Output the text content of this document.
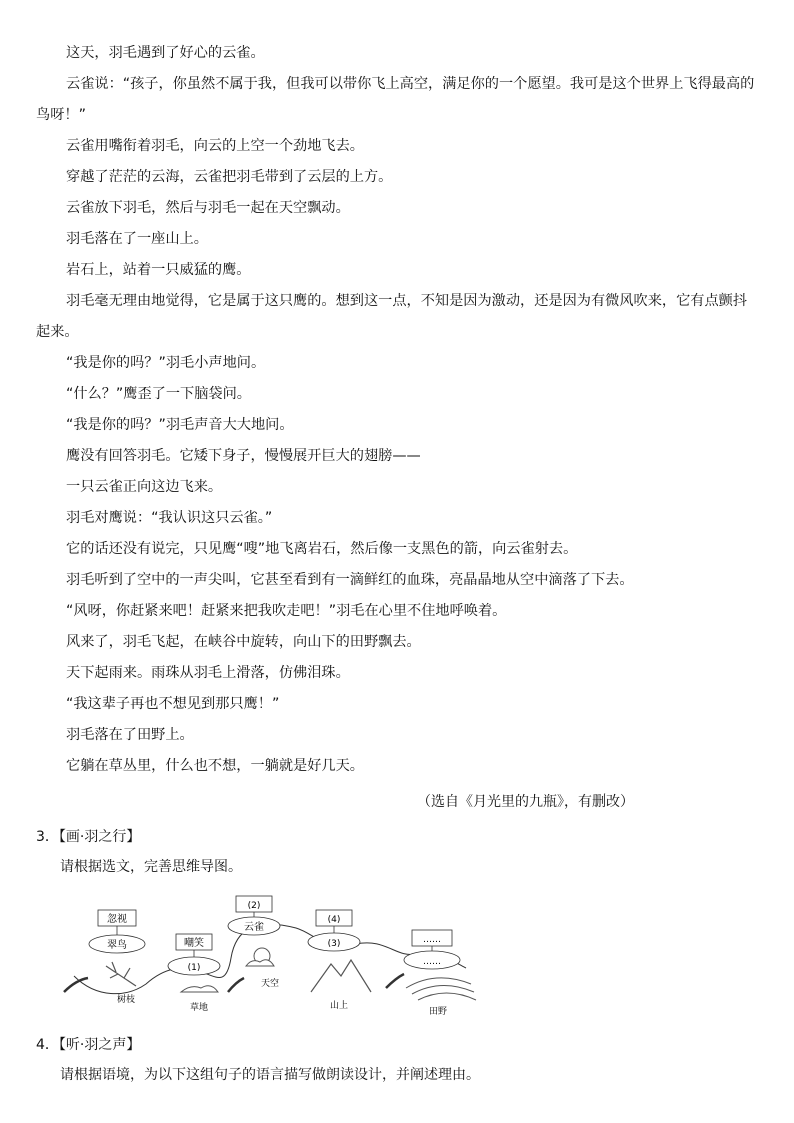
这天，羽毛遇到了好心的云雀。
云雀说：“孩子，你虽然不属于我，但我可以带你飞上高空，满足你的一个愿望。我可是这个世界上飞得最高的鸟呀！”
云雀用嘴衔着羽毛，向云的上空一个劲地飞去。
穿越了茫茫的云海，云雀把羽毛带到了云层的上方。
云雀放下羽毛，然后与羽毛一起在天空飘动。
羽毛落在了一座山上。
岩石上，站着一只威猛的鹰。
羽毛毫无理由地觉得，它是属于这只鹰的。想到这一点，不知是因为激动，还是因为有微风吹来，它有点颤抖起来。
“我是你的吗？”羽毛小声地问。
“什么？”鹰歪了一下脑袋问。
“我是你的吗？”羽毛声音大大地问。
鹰没有回答羽毛。它矮下身子，慢慢展开巨大的翅膀——
一只云雀正向这边飞来。
羽毛对鹰说：“我认识这只云雀。”
它的话还没有说完，只见鹰“嗖”地飞离岩石，然后像一支黑色的箭，向云雀射去。
羽毛听到了空中的一声尖叫，它甚至看到有一滴鲜红的血珠，亮晶晶地从空中滴落了下去。
“风呀，你赶紧来吧！赶紧来把我吹走吧！”羽毛在心里不住地呼唤着。
风来了，羽毛飞起，在峡谷中旋转，向山下的田野飘去。
天下起雨来。雨珠从羽毛上滑落，仿佛泪珠。
“我这辈子再也不想见到那只鹰！”
羽毛落在了田野上。
它躺在草丛里，什么也不想，一躺就是好几天。
（选自《月光里的九瓶》，有删改）
3．【画·羽之行】
请根据选文，完善思维导图。
忽视
翠鸟
树枝
嘲笑
(1)
草地
(2)
云雀
天空
(4)
(3)
山上
……
……
田野
4．【听·羽之声】
请根据语境，为以下这组句子的语言描写做朗读设计，并阐述理由。
